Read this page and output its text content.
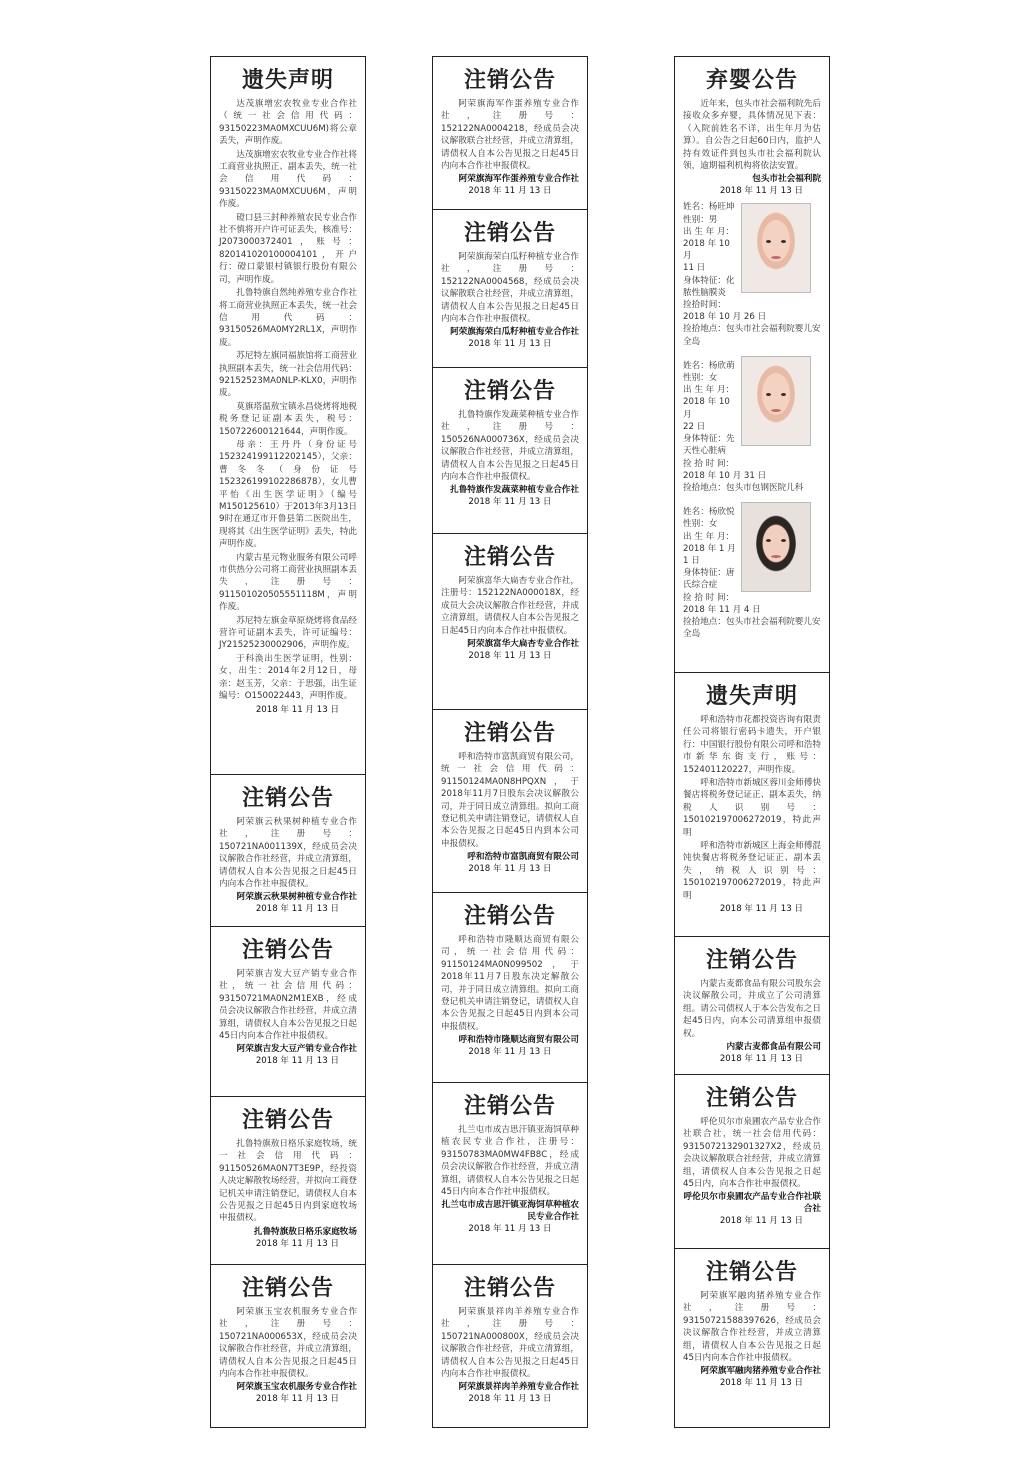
遗失声明

达茂旗增宏农牧业专业合作社（统一社会信用代码：93150223MA0MXCUU6M)将公章丢失，声明作废。

达茂旗增宏农牧业专业合作社将工商营业执照正、副本丢失，统一社会信用代码：93150223MA0MXCUU6M，声明作废。

磴口县三封种养殖农民专业合作社不慎将开户许可证丢失，核准号：J2073000372401，账号：820141020100004101，开户行：磴口蒙银村镇银行股份有限公司，声明作废。

扎鲁特旗自然纯养殖专业合作社将工商营业执照正本丢失，统一社会信用代码：93150526MA0MY2RL1X，声明作废。

苏尼特左旗同福旅馆将工商营业执照副本丢失，统一社会信用代码：92152523MA0NLP-KLX0，声明作废。

莫旗塔温敖宝镇永昌烧烤将地税税务登记证副本丢失，税号：150722600121644，声明作废。

母亲：王丹丹（身份证号152324199112202145），父亲：曹冬冬（身份证号152326199102286878），女儿曹平怡《出生医学证明》（编号M150125610）于2013年3月13日9时在通辽市开鲁县第二医院出生，现将其《出生医学证明》丢失，特此声明作废。

内蒙古星元物业服务有限公司呼市供热分公司将工商营业执照副本丢失，注册号：911501020505551118M，声明作废。

苏尼特左旗金草原烧烤将食品经营许可证副本丢失，许可证编号：JY21525230002906，声明作废。

于科涣出生医学证明，性别：女，出生：2014年2月12日，母亲：赵玉芳，父亲：于思强，出生证编号：O150022443，声明作废。

2018 年 11 月 13 日
注销公告

阿荣旗云秋果树种植专业合作社，注册号：150721NA001139X，经成员会决议解散合作社经营，并成立清算组，请债权人自本公告见报之日起45日内向本合作社申报债权。

阿荣旗云秋果树种植专业合作社
2018 年 11 月 13 日
注销公告

阿荣旗吉发大豆产销专业合作社，统一社会信用代码：93150721MA0N2M1EXB，经成员会决议解散合作社经营，并成立清算组，请债权人自本公告见报之日起45日内向本合作社申报债权。

阿荣旗吉发大豆产销专业合作社
2018 年 11 月 13 日
注销公告

扎鲁特旗敖日格乐家庭牧场，统一社会信用代码：91150526MA0N7T3E9P，经投资人决定解散牧场经营，并拟向工商登记机关申请注销登记，请债权人自本公告见报之日起45日内到家庭牧场申报债权。

扎鲁特旗敖日格乐家庭牧场
2018 年 11 月 13 日
注销公告

阿荣旗玉宝农机服务专业合作社，注册号：150721NA000653X，经成员会决议解散合作社经营，并成立清算组，请债权人自本公告见报之日起45日内向本合作社申报债权。

阿荣旗玉宝农机服务专业合作社
2018 年 11 月 13 日
注销公告

阿荣旗海军作蛋养殖专业合作社，注册号：152122NA0004218，经成员会决议解散联合社经营，并成立清算组，请债权人自本公告见报之日起45日内向本合作社申报债权。

阿荣旗海军作蛋养殖专业合作社
2018 年 11 月 13 日
注销公告

阿荣旗海荣白瓜籽种植专业合作社，注册号：152122NA0004568，经成员会决议解散联合社经营，并成立清算组，请债权人自本公告见报之日起45日内向本合作社申报债权。

阿荣旗海荣白瓜籽种植专业合作社
2018 年 11 月 13 日
注销公告

扎鲁特旗作发蔬菜种植专业合作社，注册号：150526NA000736X，经成员会决议解散合作社经营，并成立清算组，请债权人自本公告见报之日起45日内向本合作社申报债权。

扎鲁特旗作发蔬菜种植专业合作社
2018 年 11 月 13 日
注销公告

阿荣旗富华大扁杏专业合作社，注册号：152122NA000018X，经成员大会决议解散合作社经营，并成立清算组，请债权人自本公告见报之日起45日内向本合作社申报债权。

阿荣旗富华大扁杏专业合作社
2018 年 11 月 13 日
注销公告

呼和浩特市富凯商贸有限公司，统一社会信用代码：91150124MA0N8HPQXN，于2018年11月7日股东会决议解散公司，并于同日成立清算组。拟向工商登记机关申请注销登记，请债权人自本公告见报之日起45日内到本公司申报债权。

呼和浩特市富凯商贸有限公司
2018 年 11 月 13 日
注销公告

呼和浩特市隆顺达商贸有限公司，统一社会信用代码：91150124MA0N099502，于2018年11月7日股东决定解散公司，并于同日成立清算组。拟向工商登记机关申请注销登记，请债权人自本公告见报之日起45日内到本公司申报债权。

呼和浩特市隆顺达商贸有限公司
2018 年 11 月 13 日
注销公告

扎兰屯市成吉思汗镇亚海饲草种植农民专业合作社，注册号：93150783MA0MW4FB8C，经成员会决议解散合作社经营，并成立清算组，请债权人自本公告见报之日起45日内向本合作社申报债权。

扎兰屯市成吉思汗镇亚海饲草种植农民专业合作社
2018 年 11 月 13 日
注销公告

阿荣旗景祥肉羊养殖专业合作社，注册号：150721NA000800X，经成员会决议解散合作社经营，并成立清算组，请债权人自本公告见报之日起45日内向本合作社申报债权。

阿荣旗景祥肉羊养殖专业合作社
2018 年 11 月 13 日
弃婴公告

近年来，包头市社会福利院先后接收众多弃婴，具体情况见下表：（入院前姓名不详，出生年月为估算）。自公告之日起60日内，监护人持有效证件到包头市社会福利院认领，逾期福利机构将依法安置。

包头市社会福利院
2018 年 11 月 13 日
姓名：杨旺坤
性别：男
出 生 年 月：
2018 年 10 月
11 日
身体特征：化
脓性脑膜炎
捡拾时间：
2018 年 10 月 26 日
捡拾地点：包头市社会福利院婴儿安全岛
姓名：杨欣萌
性别：女
出 生 年 月：
2018 年 10 月
22 日
身体特征：先
天性心脏病
捡 拾 时 间：
2018 年 10 月 31 日
捡拾地点：包头市包钢医院儿科
姓名：杨欣悦
性别：女
出 生 年 月：
2018 年 1 月
1 日
身体特征：唐
氏综合症
捡 拾 时 间：
2018 年 11 月 4 日
捡拾地点：包头市社会福利院婴儿安全岛
遗失声明

呼和浩特市花都投资咨询有限责任公司将银行密码卡遗失，开户银行：中国银行股份有限公司呼和浩特市新华东街支行，账号：152401120227，声明作废。

呼和浩特市新城区蓉川金师傅快餐店将税务登记证正、副本丢失，纳税人识别号：15010219700627201​9，特此声明

呼和浩特市新城区上海金师傅混饨快餐店将税务登记证正、副本丢失，纳税人识别号：150102197006272019，特此声明

2018 年 11 月 13 日
注销公告

内蒙古麦都食品有限公司股东会决议解散公司，并成立了公司清算组。请公司债权人于本公告发布之日起45日内，向本公司清算组申报债权。

内蒙古麦都食品有限公司
2018 年 11 月 13 日
注销公告

呼伦贝尔市泉圃农产品专业合作社联合社，统一社会信用代码：93150721329013​27X2，经成员会决议解散联合社经营，并成立清算组，请债权人自本公告见报之日起45日内，向本合作社申报债权。

呼伦贝尔市泉圃农产品专业合作社联合社
2018 年 11 月 13 日
注销公告

阿荣旗军融肉猪养殖专业合作社，注册号：93150721588397626，经成员会决议解散合作社经营，并成立清算组，请债权人自本公告见报之日起45日内向本合作社申报债权。

阿荣旗军融肉猪养殖专业合作社
2018 年 11 月 13 日
